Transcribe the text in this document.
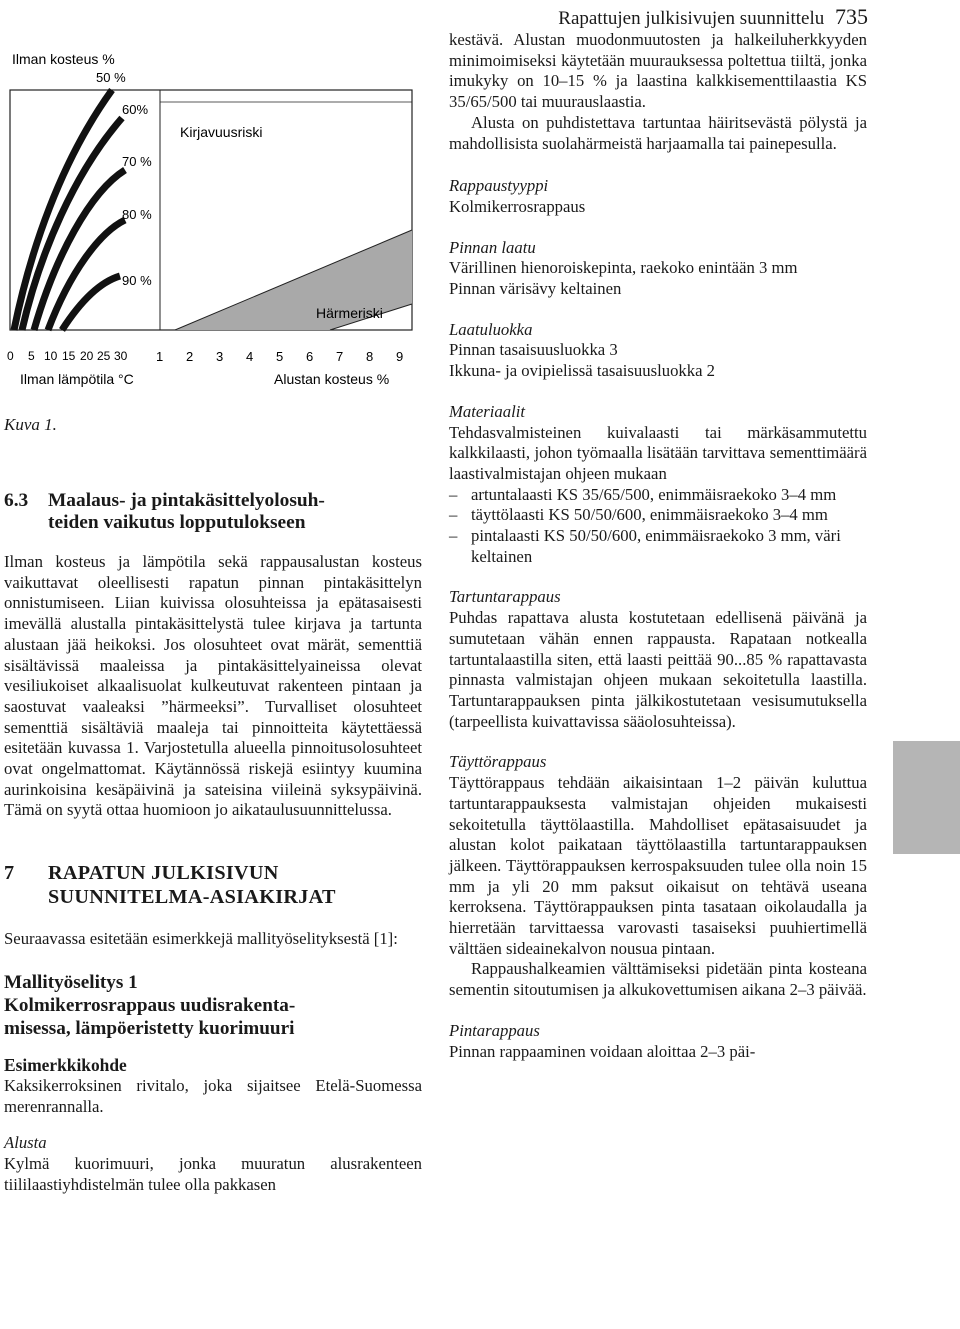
Rapattujen julkisivujen suunnittelu 735
Ilman kosteus %
50 %
60%
70 %
80 %
90 %
Kirjavuusriski
Härmeriski
0 5 10 15 20 25 30 1 2 3 4 5 6 7 8 9
Ilman lämpötila °C	Alustan kosteus %
Kuva 1.
6.3 Maalaus- ja pintakäsittelyolosuh-
teiden vaikutus lopputulokseen

Ilman kosteus ja lämpötila sekä rappausalustan kosteus vaikuttavat oleellisesti rapatun pinnan pintakäsittelyn onnistumiseen. Liian kuivissa olosuhteissa ja epätasaisesti imevällä alustalla pintakäsittelystä tulee kirjava ja tartunta alustaan jää heikoksi. Jos olosuhteet ovat märät, sementtiä sisältävissä maaleissa ja pintakäsittelyaineissa olevat vesiliukoiset alkaalisuolat kulkeutuvat rakenteen pintaan ja saostuvat vaaleaksi ”härmeeksi”. Turvalliset olosuhteet sementtiä sisältäviä maaleja tai pinnoitteita käytettäessä esitetään kuvassa 1. Varjostetulla alueella pinnoitusolosuhteet ovat ongelmattomat. Käytännössä riskejä esiintyy kuumina aurinkoisina kesäpäivinä ja sateisina viileinä syksypäivinä. Tämä on syytä ottaa huomioon jo aikataulusuunnittelussa.

7 RAPATUN JULKISIVUN
SUUNNITELMA-ASIAKIRJAT

Seuraavassa esitetään esimerkkejä mallityöselityksestä [1]:

Mallityöselitys 1
Kolmikerrosrappaus uudisrakenta-
misessa, lämpöeristetty kuorimuuri
Esimerkkikohde

Kaksikerroksinen rivitalo, joka sijaitsee Etelä-Suomessa merenrannalla.

Alusta

Kylmä kuorimuuri, jonka muuratun alusrakenteen tiililaastiyhdistelmän tulee olla pakkasen

kestävä. Alustan muodonmuutosten ja halkeiluherkkyyden minimoimiseksi käytetään muurauksessa poltettua tiiltä, jonka imukyky on 10–15 % ja laastina kalkkisementtilaastia KS 35/65/500 tai muurauslaastia.

Alusta on puhdistettava tartuntaa häiritsevästä pölystä ja mahdollisista suolahärmeistä harjaamalla tai painepesulla.

Rappaustyyppi

Kolmikerrosrappaus

Pinnan laatu

Värillinen hienoroiskepinta, raekoko enintään 3 mm

Pinnan värisävy keltainen

Laatuluokka

Pinnan tasaisuusluokka 3

Ikkuna- ja ovipielissä tasaisuusluokka 2

Materiaalit

Tehdasvalmisteinen kuivalaasti tai märkäsammutettu kalkkilaasti, johon työmaalla lisätään tarvittava sementtimäärä laastivalmistajan ohjeen mukaan

– artuntalaasti KS 35/65/500, enimmäisraekoko 3–4 mm
– täyttölaasti KS 50/50/600, enimmäisraekoko 3–4 mm
– pintalaasti KS 50/50/600, enimmäisraekoko 3 mm, väri keltainen
Tartuntarappaus

Puhdas rapattava alusta kostutetaan edellisenä päivänä ja sumutetaan vähän ennen rappausta. Rapataan notkealla tartuntalaastilla siten, että laasti peittää 90...85 % rapattavasta pinnasta valmistajan ohjeen mukaan sekoitetulla laastilla. Tartuntarappauksen pinta jälkikostutetaan vesisumutuksella (tarpeellista kuivattavissa sääolosuhteissa).

Täyttörappaus

Täyttörappaus tehdään aikaisintaan 1–2 päivän kuluttua tartuntarappauksesta valmistajan ohjeiden mukaisesti sekoitetulla täyttölaastilla. Mahdolliset epätasaisuudet ja alustan kolot paikataan täyttölaastilla tartuntarappauksen jälkeen. Täyttörappauksen kerrospaksuuden tulee olla noin 15 mm ja yli 20 mm paksut oikaisut on tehtävä useana kerroksena. Täyttörappauksen pinta tasataan oikolaudalla ja hierretään tarvittaessa varovasti tasaiseksi puuhiertimellä välttäen sideainekalvon nousua pintaan.

Rappaushalkeamien välttämiseksi pidetään pinta kosteana sementin sitoutumisen ja alkukovettumisen aikana 2–3 päivää.

Pintarappaus

Pinnan rappaaminen voidaan aloittaa 2–3 päi-
